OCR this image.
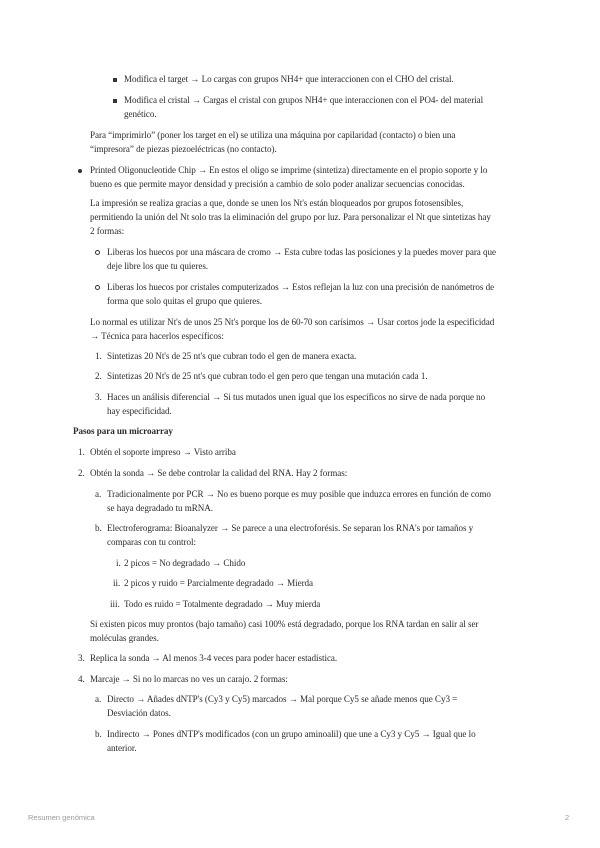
Modifica el target → Lo cargas con grupos NH4+ que interaccionen con el CHO del cristal.
Modifica el cristal → Cargas el cristal con grupos NH4+ que interaccionen con el PO4- del material
genético.
Para “imprimirlo” (poner los target en el) se utiliza una máquina por capilaridad (contacto) o bien una
“impresora” de piezas piezoeléctricas (no contacto).
Printed Oligonucleotide Chip → En estos el oligo se imprime (sintetiza) directamente en el propio soporte y lo
bueno es que permite mayor densidad y precisión a cambio de solo poder analizar secuencias conocidas.
La impresión se realiza gracias a que, donde se unen los Nt's están bloqueados por grupos fotosensibles,
permitiendo la unión del Nt solo tras la eliminación del grupo por luz. Para personalizar el Nt que sintetizas hay
2 formas:
Liberas los huecos por una máscara de cromo → Esta cubre todas las posiciones y la puedes mover para que
deje libre los que tu quieres.
Liberas los huecos por cristales computerizados → Estos reflejan la luz con una precisión de nanómetros de
forma que solo quitas el grupo que quieres.
Lo normal es utilizar Nt's de unos 25 Nt's porque los de 60-70 son carísimos → Usar cortos jode la especificidad
→ Técnica para hacerlos específicos:
1. Sintetizas 20 Nt's de 25 nt's que cubran todo el gen de manera exacta.
2. Sintetizas 20 Nt's de 25 nt's que cubran todo el gen pero que tengan una mutación cada 1.
3. Haces un análisis diferencial → Si tus mutados unen igual que los específicos no sirve de nada porque no
hay especificidad.
Pasos para un microarray
1. Obtén el soporte impreso → Visto arriba
2. Obtén la sonda → Se debe controlar la calidad del RNA. Hay 2 formas:
a. Tradicionalmente por PCR → No es bueno porque es muy posible que induzca errores en función de como
se haya degradado tu mRNA.
b. Electroferograma: Bioanalyzer → Se parece a una electroforésis. Se separan los RNA's por tamaños y
comparas con tu control:
i. 2 picos = No degradado → Chido
ii. 2 picos y ruido = Parcialmente degradado → Mierda
iii. Todo es ruido = Totalmente degradado → Muy mierda
Si existen picos muy prontos (bajo tamaño) casi 100% está degradado, porque los RNA tardan en salir al ser
moléculas grandes.
3. Replica la sonda → Al menos 3-4 veces para poder hacer estadística.
4. Marcaje → Si no lo marcas no ves un carajo. 2 formas:
a. Directo → Añades dNTP's (Cy3 y Cy5) marcados → Mal porque Cy5 se añade menos que Cy3 =
Desviación datos.
b. Indirecto → Pones dNTP's modificados (con un grupo aminoalil) que une a Cy3 y Cy5 → Igual que lo
anterior.
Resumen genómica	2
